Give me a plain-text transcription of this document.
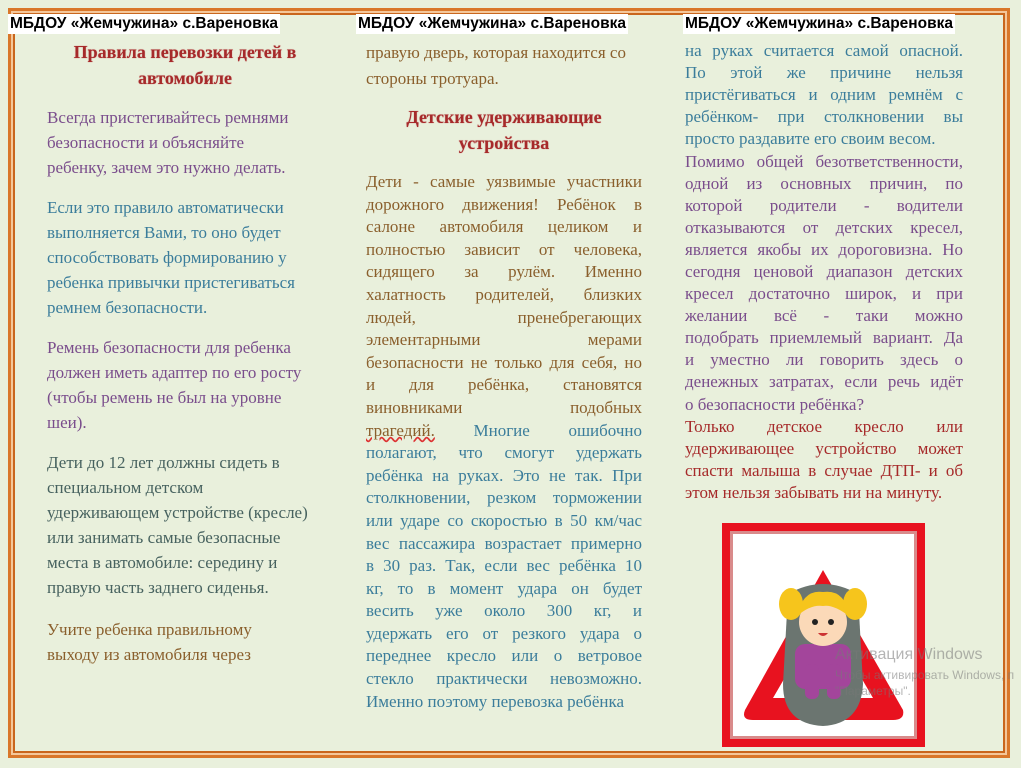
МБДОУ «Жемчужина» с.Вареновка	МБДОУ «Жемчужина» с.Вареновка	МБДОУ «Жемчужина» с.Вареновка
Правила перевозки детей в
автомобиле
Всегда пристегивайтесь ремнями
безопасности и объясняйте
ребенку, зачем это нужно делать.
Если это правило автоматически
выполняется Вами, то оно будет
способствовать формированию у
ребенка привычки пристегиваться
ремнем безопасности.
Ремень безопасности для ребенка
должен иметь адаптер по его росту
(чтобы ремень не был на уровне
шеи).
Дети до 12 лет должны сидеть в
специальном детском
удерживающем устройстве (кресле)
или занимать самые безопасные
места в автомобиле: середину и
правую часть заднего сиденья.
Учите ребенка правильному
выходу из автомобиля через
правую дверь, которая находится со
стороны тротуара.
Детские удерживающие
устройства
Дети - самые уязвимые участники
дорожного движения! Ребёнок в
салоне автомобиля целиком и
полностью зависит от человека,
сидящего за рулём. Именно
халатность родителей, близких
людей, пренебрегающих
элементарными мерами
безопасности не только для себя, но
и для ребёнка, становятся
виновниками подобных
трагедий. Многие ошибочно
полагают, что смогут удержать
ребёнка на руках. Это не так. При
столкновении, резком торможении
или ударе со скоростью в 50 км/час
вес пассажира возрастает примерно
в 30 раз. Так, если вес ребёнка 10
кг, то в момент удара он будет
весить уже около 300 кг, и
удержать его от резкого удара о
переднее кресло или о ветровое
стекло практически невозможно.
Именно поэтому перевозка ребёнка
на руках считается самой опасной.
По этой же причине нельзя
пристёгиваться и одним ремнём с
ребёнком- при столкновении вы
просто раздавите его своим весом.
Помимо общей безответственности,
одной из основных причин, по
которой родители - водители
отказываются от детских кресел,
является якобы их дороговизна. Но
сегодня ценовой диапазон детских
кресел достаточно широк, и при
желании всё - таки можно
подобрать приемлемый вариант. Да
и уместно ли говорить здесь о
денежных затратах, если речь идёт
о безопасности ребёнка?
Только детское кресло или
удерживающее устройство может
спасти малыша в случае ДТП- и об
этом нельзя забывать ни на минуту.
Активация Windows
Чтобы активировать Windows, п
"Параметры".
